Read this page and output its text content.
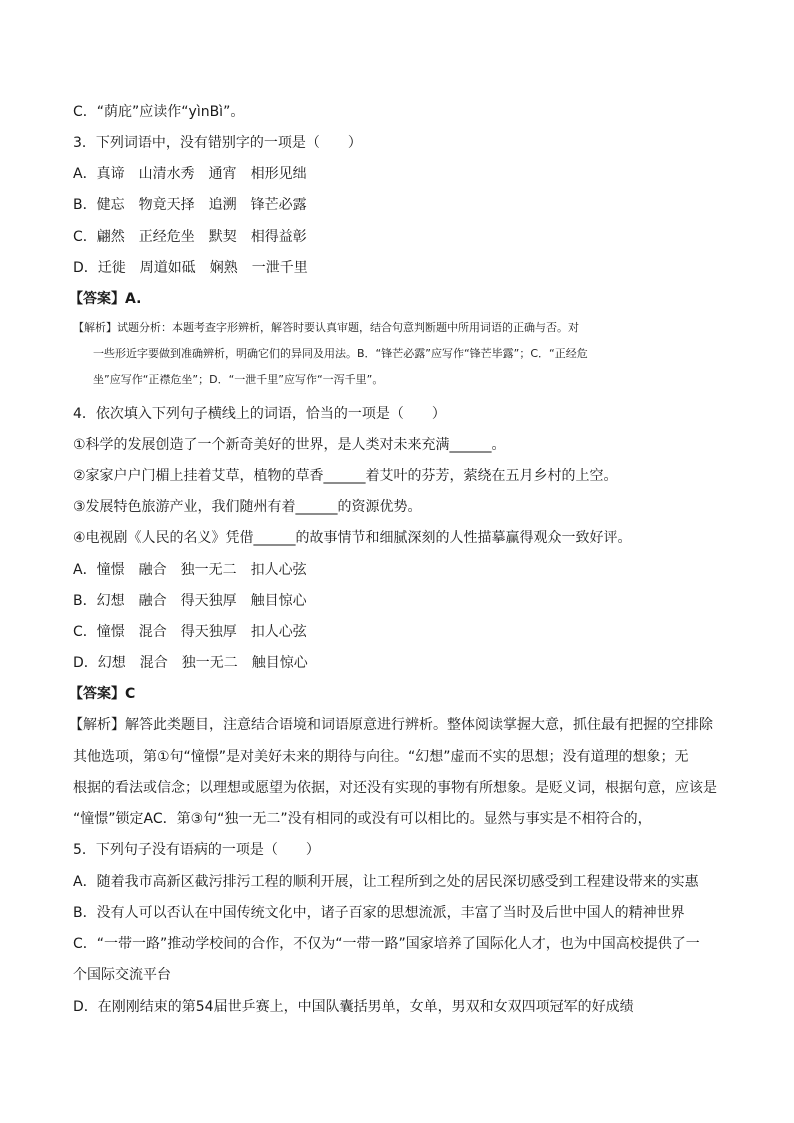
C．“荫庇”应读作“yìnBì”。
3．下列词语中，没有错别字的一项是（　　）
A．真谛　山清水秀　通宵　相形见绌
B．健忘　物竟天择　追溯　锋芒必露
C．翩然　正经危坐　默契　相得益彰
D．迁徙　周道如砥　娴熟　一泄千里
【答案】A.
【解析】试题分析：本题考查字形辨析，解答时要认真审题，结合句意判断题中所用词语的正确与否。对
一些形近字要做到准确辨析，明确它们的异同及用法。B．“锋芒必露”应写作“锋芒毕露”；C．“正经危
坐”应写作“正襟危坐”；D．“一泄千里”应写作“一泻千里”。
4．依次填入下列句子横线上的词语，恰当的一项是（　　）
①科学的发展创造了一个新奇美好的世界，是人类对未来充满______。
②家家户户门楣上挂着艾草，植物的草香______着艾叶的芬芳，萦绕在五月乡村的上空。
③发展特色旅游产业，我们随州有着______的资源优势。
④电视剧《人民的名义》凭借______的故事情节和细腻深刻的人性描摹赢得观众一致好评。
A．憧憬　融合　独一无二　扣人心弦
B．幻想　融合　得天独厚　触目惊心
C．憧憬　混合　得天独厚　扣人心弦
D．幻想　混合　独一无二　触目惊心
【答案】C
【解析】解答此类题目，注意结合语境和词语原意进行辨析。整体阅读掌握大意，抓住最有把握的空排除
其他选项，第①句“憧憬”是对美好未来的期待与向往。“幻想”虚而不实的思想；没有道理的想象；无
根据的看法或信念；以理想或愿望为依据，对还没有实现的事物有所想象。是贬义词，根据句意，应该是
“憧憬”锁定AC．第③句“独一无二”没有相同的或没有可以相比的。显然与事实是不相符合的，
5．下列句子没有语病的一项是（　　）
A．随着我市高新区截污排污工程的顺利开展，让工程所到之处的居民深切感受到工程建设带来的实惠
B．没有人可以否认在中国传统文化中，诸子百家的思想流派，丰富了当时及后世中国人的精神世界
C．“一带一路”推动学校间的合作，不仅为“一带一路”国家培养了国际化人才，也为中国高校提供了一
个国际交流平台
D．在刚刚结束的第54届世乒赛上，中国队囊括男单，女单，男双和女双四项冠军的好成绩
